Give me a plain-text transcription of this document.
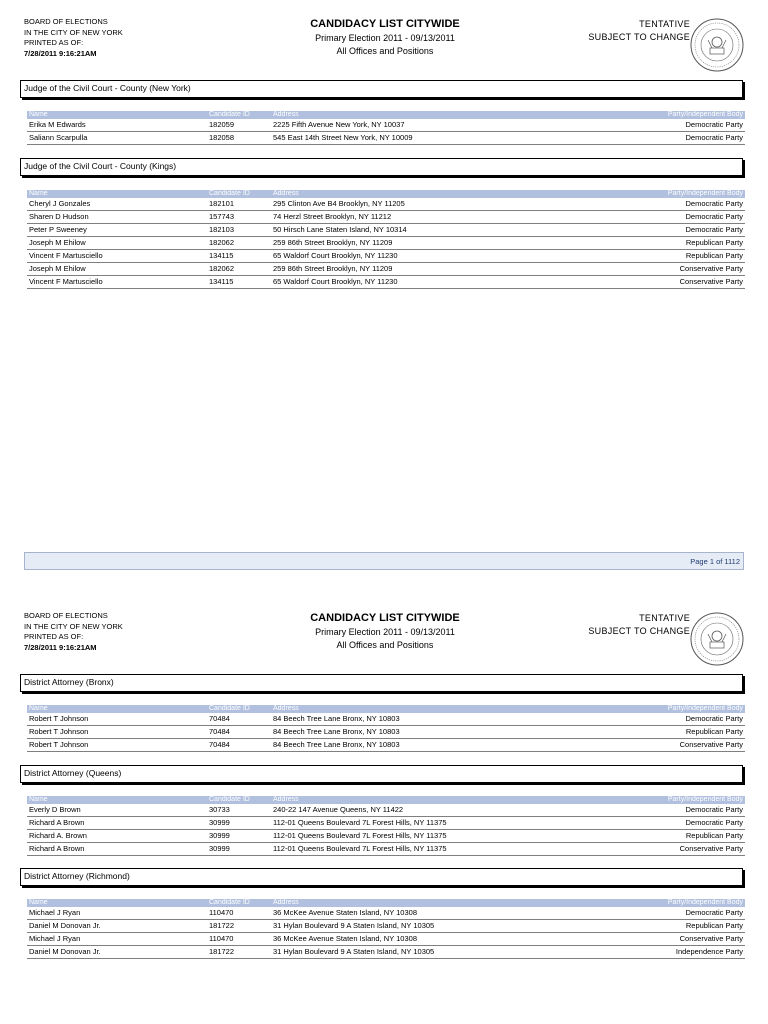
BOARD OF ELECTIONS
IN THE CITY OF NEW YORK
PRINTED AS OF:
7/28/2011 9:16:21AM
CANDIDACY LIST CITYWIDE
Primary Election 2011 - 09/13/2011
All Offices and Positions
TENTATIVE
SUBJECT TO CHANGE
Judge of the Civil Court - County (New York)
Name	Candidate ID	Address	Party/Independent Body
Erika M Edwards	182059	2225 Fifth Avenue New York, NY 10037	Democratic Party
Saliann Scarpulla	182058	545 East 14th Street New York, NY 10009	Democratic Party
Judge of the Civil Court - County (Kings)
Name	Candidate ID	Address	Party/Independent Body
Cheryl J Gonzales	182101	295 Clinton Ave B4 Brooklyn, NY 11205	Democratic Party
Sharen D Hudson	157743	74 Herzl Street Brooklyn, NY 11212	Democratic Party
Peter P Sweeney	182103	50 Hirsch Lane Staten Island, NY 10314	Democratic Party
Joseph M Ehilow	182062	259 86th Street Brooklyn, NY 11209	Republican Party
Vincent F Martusciello	134115	65 Waldorf Court Brooklyn, NY 11230	Republican Party
Joseph M Ehilow	182062	259 86th Street Brooklyn, NY 11209	Conservative Party
Vincent F Martusciello	134115	65 Waldorf Court Brooklyn, NY 11230	Conservative Party
Page 1 of 1112
BOARD OF ELECTIONS
IN THE CITY OF NEW YORK
PRINTED AS OF:
7/28/2011 9:16:21AM
CANDIDACY LIST CITYWIDE
Primary Election 2011 - 09/13/2011
All Offices and Positions
TENTATIVE
SUBJECT TO CHANGE
District Attorney (Bronx)
Name	Candidate ID	Address	Party/Independent Body
Robert T Johnson	70484	84 Beech Tree Lane Bronx, NY 10803	Democratic Party
Robert T Johnson	70484	84 Beech Tree Lane Bronx, NY 10803	Republican Party
Robert T Johnson	70484	84 Beech Tree Lane Bronx, NY 10803	Conservative Party
District Attorney (Queens)
Name	Candidate ID	Address	Party/Independent Body
Everly D Brown	30733	240-22 147 Avenue Queens, NY 11422	Democratic Party
Richard A Brown	30999	112-01 Queens Boulevard 7L Forest Hills, NY 11375	Democratic Party
Richard A. Brown	30999	112-01 Queens Boulevard 7L Forest Hills, NY 11375	Republican Party
Richard A Brown	30999	112-01 Queens Boulevard 7L Forest Hills, NY 11375	Conservative Party
District Attorney (Richmond)
Name	Candidate ID	Address	Party/Independent Body
Michael J Ryan	110470	36 McKee Avenue Staten Island, NY 10308	Democratic Party
Daniel M Donovan Jr.	181722	31 Hylan Boulevard 9 A Staten Island, NY 10305	Republican Party
Michael J Ryan	110470	36 McKee Avenue Staten Island, NY 10308	Conservative Party
Daniel M Donovan Jr.	181722	31 Hylan Boulevard 9 A Staten Island, NY 10305	Independence Party
